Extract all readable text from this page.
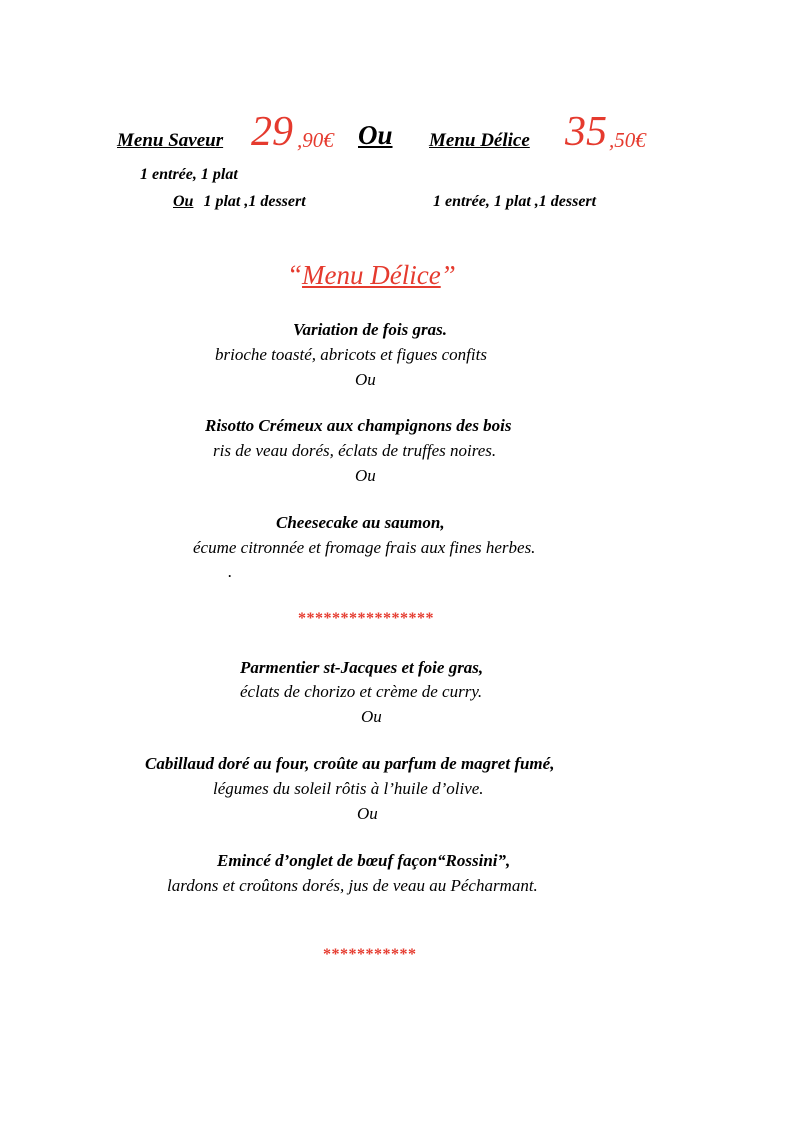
Menu Saveur 29 ,90€ Ou Menu Délice 35 ,50€
1 entrée, 1 plat
Ou 1 plat ,1 dessert	1 entrée, 1 plat ,1 dessert
“Menu Délice”
Variation de fois gras.
brioche toasté, abricots et figues confits
Ou
Risotto Crémeux aux champignons des bois
ris de veau dorés, éclats de truffes noires.
Ou
Cheesecake au saumon,
écume citronnée et fromage frais aux fines herbes.
.
****************
Parmentier st-Jacques et foie gras,
éclats de chorizo et crème de curry.
Ou
Cabillaud doré au four, croûte au parfum de magret fumé,
légumes du soleil rôtis à l’huile d’olive.
Ou
Emincé d’onglet de bœuf façon“Rossini”,
lardons et croûtons dorés, jus de veau au Pécharmant.
***********
